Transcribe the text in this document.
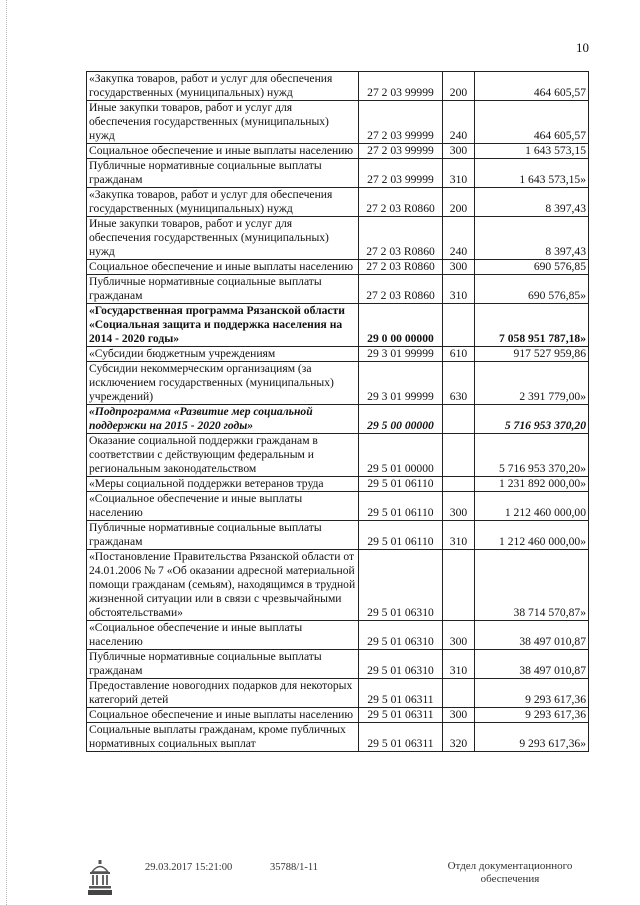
10
«Закупка товаров, работ и услуг для обеспечения государственных (муниципальных) нужд	27 2 03 99999	200	464 605,57
Иные закупки товаров, работ и услуг для обеспечения государственных (муниципальных) нужд	27 2 03 99999	240	464 605,57
Социальное обеспечение и иные выплаты населению	27 2 03 99999	300	1 643 573,15
Публичные нормативные социальные выплаты гражданам	27 2 03 99999	310	1 643 573,15»
«Закупка товаров, работ и услуг для обеспечения государственных (муниципальных) нужд	27 2 03 R0860	200	8 397,43
Иные закупки товаров, работ и услуг для обеспечения государственных (муниципальных) нужд	27 2 03 R0860	240	8 397,43
Социальное обеспечение и иные выплаты населению	27 2 03 R0860	300	690 576,85
Публичные нормативные социальные выплаты гражданам	27 2 03 R0860	310	690 576,85»
«Государственная программа Рязанской области «Социальная защита и поддержка населения на 2014 - 2020 годы»	29 0 00 00000		7 058 951 787,18»
«Субсидии бюджетным учреждениям	29 3 01 99999	610	917 527 959,86
Субсидии некоммерческим организациям (за исключением государственных (муниципальных) учреждений)	29 3 01 99999	630	2 391 779,00»
«Подпрограмма «Развитие мер социальной поддержки на 2015 - 2020 годы»	29 5 00 00000		5 716 953 370,20
Оказание социальной поддержки гражданам в соответствии с действующим федеральным и региональным законодательством	29 5 01 00000		5 716 953 370,20»
«Меры социальной поддержки ветеранов труда	29 5 01 06110		1 231 892 000,00»
«Социальное обеспечение и иные выплаты населению	29 5 01 06110	300	1 212 460 000,00
Публичные нормативные социальные выплаты гражданам	29 5 01 06110	310	1 212 460 000,00»
«Постановление Правительства Рязанской области от 24.01.2006 № 7 «Об оказании адресной материальной помощи гражданам (семьям), находящимся в трудной жизненной ситуации или в связи с чрезвычайными обстоятельствами»	29 5 01 06310		38 714 570,87»
«Социальное обеспечение и иные выплаты населению	29 5 01 06310	300	38 497 010,87
Публичные нормативные социальные выплаты гражданам	29 5 01 06310	310	38 497 010,87
Предоставление новогодних подарков для некоторых категорий детей	29 5 01 06311		9 293 617,36
Социальное обеспечение и иные выплаты населению	29 5 01 06311	300	9 293 617,36
Социальные выплаты гражданам, кроме публичных нормативных социальных выплат	29 5 01 06311	320	9 293 617,36»
29.03.2017 15:21:00	35788/1-11	Отдел документационного
обеспечения
